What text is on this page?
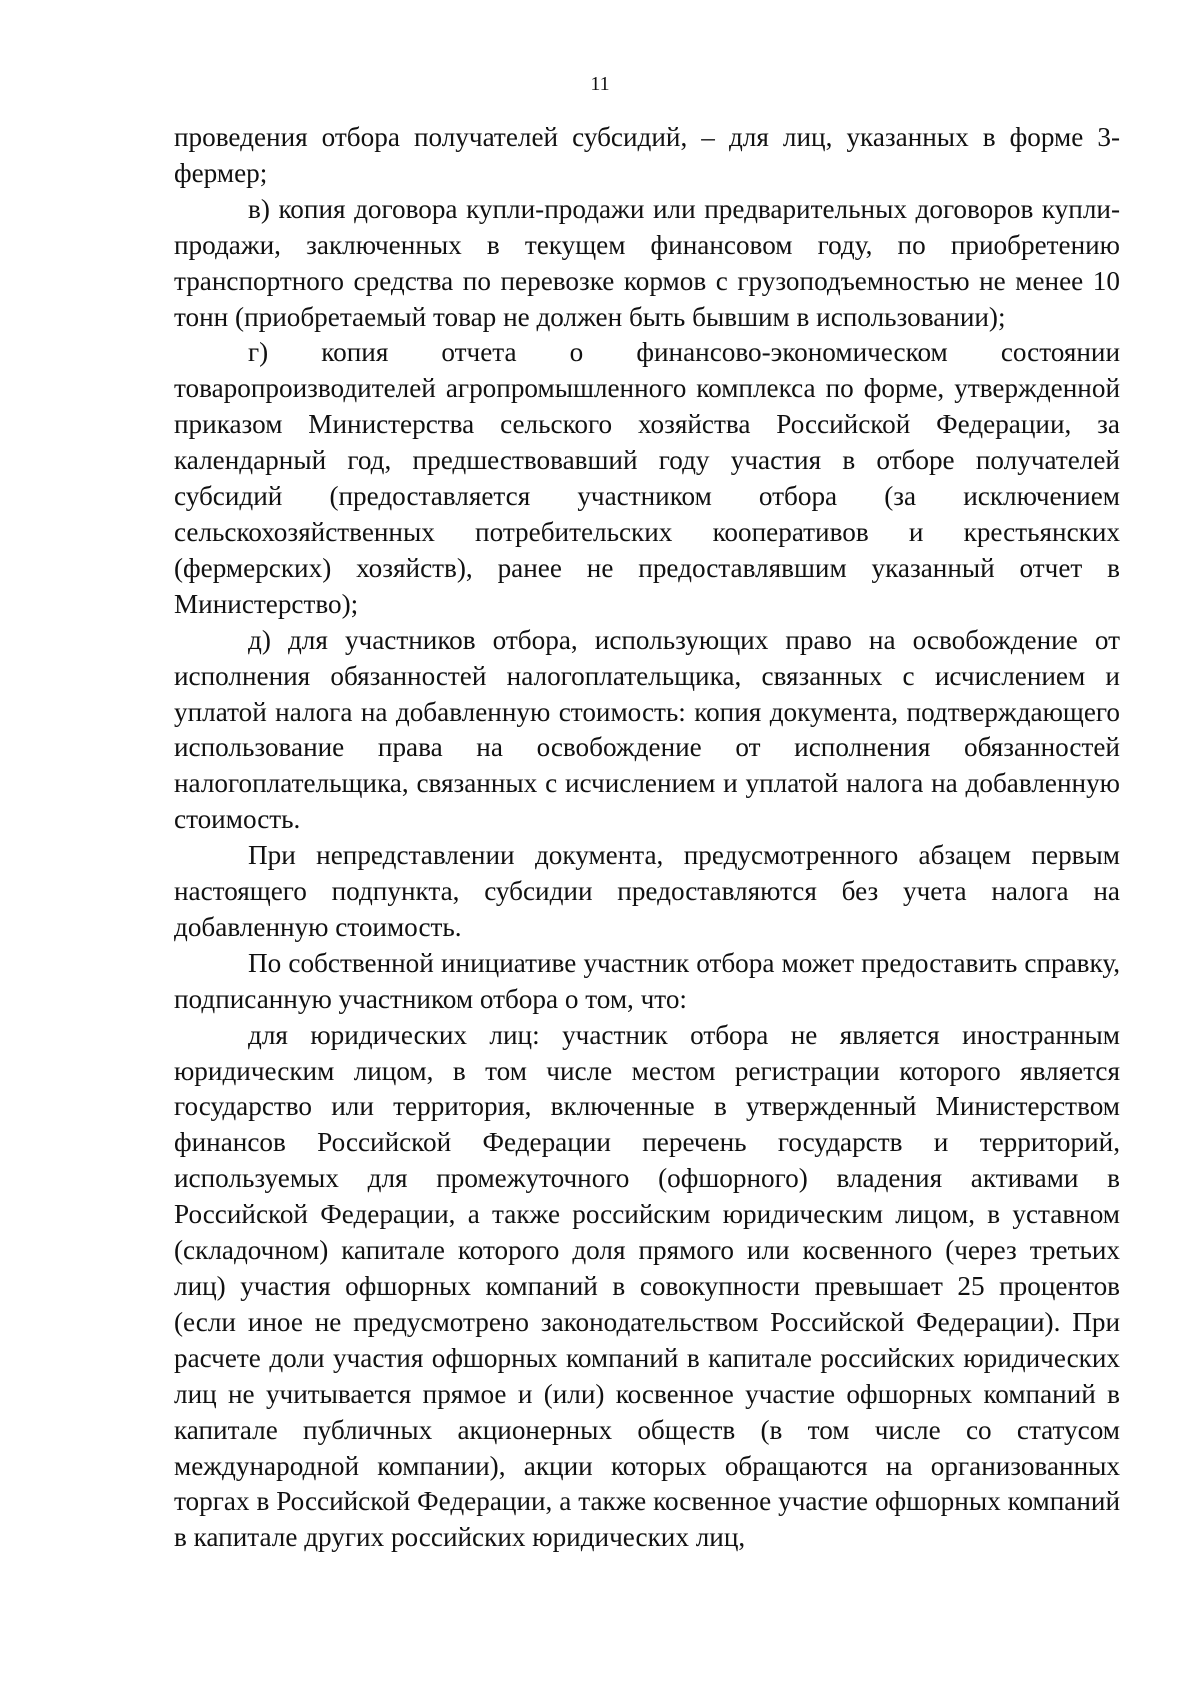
11

проведения отбора получателей субсидий, – для лиц, указанных в форме 3-фермер;

в) копия договора купли-продажи или предварительных договоров купли-продажи, заключенных в текущем финансовом году, по приобретению транспортного средства по перевозке кормов с грузоподъемностью не менее 10 тонн (приобретаемый товар не должен быть бывшим в использовании);

г) копия отчета о финансово-экономическом состоянии товаропроизводителей агропромышленного комплекса по форме, утвержденной приказом Министерства сельского хозяйства Российской Федерации, за календарный год, предшествовавший году участия в отборе получателей субсидий (предоставляется участником отбора (за исключением сельскохозяйственных потребительских кооперативов и крестьянских (фермерских) хозяйств), ранее не предоставлявшим указанный отчет в Министерство);

д) для участников отбора, использующих право на освобождение от исполнения обязанностей налогоплательщика, связанных с исчислением и уплатой налога на добавленную стоимость: копия документа, подтверждающего использование права на освобождение от исполнения обязанностей налогоплательщика, связанных с исчислением и уплатой налога на добавленную стоимость.

При непредставлении документа, предусмотренного абзацем первым настоящего подпункта, субсидии предоставляются без учета налога на добавленную стоимость.

По собственной инициативе участник отбора может предоставить справку, подписанную участником отбора о том, что:

для юридических лиц: участник отбора не является иностранным юридическим лицом, в том числе местом регистрации которого является государство или территория, включенные в утвержденный Министерством финансов Российской Федерации перечень государств и территорий, используемых для промежуточного (офшорного) владения активами в Российской Федерации, а также российским юридическим лицом, в уставном (складочном) капитале которого доля прямого или косвенного (через третьих лиц) участия офшорных компаний в совокупности превышает 25 процентов (если иное не предусмотрено законодательством Российской Федерации). При расчете доли участия офшорных компаний в капитале российских юридических лиц не учитывается прямое и (или) косвенное участие офшорных компаний в капитале публичных акционерных обществ (в том числе со статусом международной компании), акции которых обращаются на организованных торгах в Российской Федерации, а также косвенное участие офшорных компаний в капитале других российских юридических лиц,
